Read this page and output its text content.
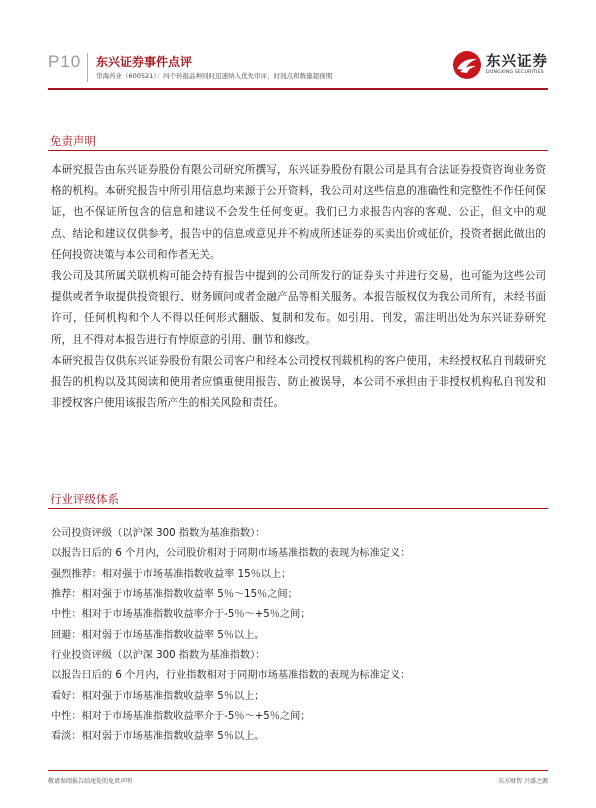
P10 东兴证券事件点评
华海药业（600521）：四个转报品种同时迅速纳入优先审评，时间点和数量超预期
东兴证券
DONGXING SECURITIES
免责声明

本研究报告由东兴证券股份有限公司研究所撰写，东兴证券股份有限公司是具有合法证券投资咨询业务资格的机构。本研究报告中所引用信息均来源于公开资料，我公司对这些信息的准确性和完整性不作任何保证，也不保证所包含的信息和建议不会发生任何变更。我们已力求报告内容的客观、公正，但文中的观点、结论和建议仅供参考，报告中的信息或意见并不构成所述证券的买卖出价或征价，投资者据此做出的任何投资决策与本公司和作者无关。

我公司及其所属关联机构可能会持有报告中提到的公司所发行的证券头寸并进行交易，也可能为这些公司提供或者争取提供投资银行、财务顾问或者金融产品等相关服务。本报告版权仅为我公司所有，未经书面许可，任何机构和个人不得以任何形式翻版、复制和发布。如引用、刊发，需注明出处为东兴证券研究所，且不得对本报告进行有悖原意的引用、删节和修改。

本研究报告仅供东兴证券股份有限公司客户和经本公司授权刊载机构的客户使用，未经授权私自刊载研究报告的机构以及其阅读和使用者应慎重使用报告、防止被误导，本公司不承担由于非授权机构私自刊发和非授权客户使用该报告所产生的相关风险和责任。

行业评级体系
公司投资评级（以沪深 300 指数为基准指数）：
以报告日后的 6 个月内，公司股价相对于同期市场基准指数的表现为标准定义：
强烈推荐：相对强于市场基准指数收益率 15％以上；
推荐：相对强于市场基准指数收益率 5％～15％之间；
中性：相对于市场基准指数收益率介于-5％～+5％之间；
回避：相对弱于市场基准指数收益率 5％以上。
行业投资评级（以沪深 300 指数为基准指数）：
以报告日后的 6 个月内，行业指数相对于同期市场基准指数的表现为标准定义：
看好：相对强于市场基准指数收益率 5％以上；
中性：相对于市场基准指数收益率介于-5％～+5％之间；
看淡：相对弱于市场基准指数收益率 5％以上。
敬请参阅报告结尾处的免责声明	东方财智 兴盛之源
